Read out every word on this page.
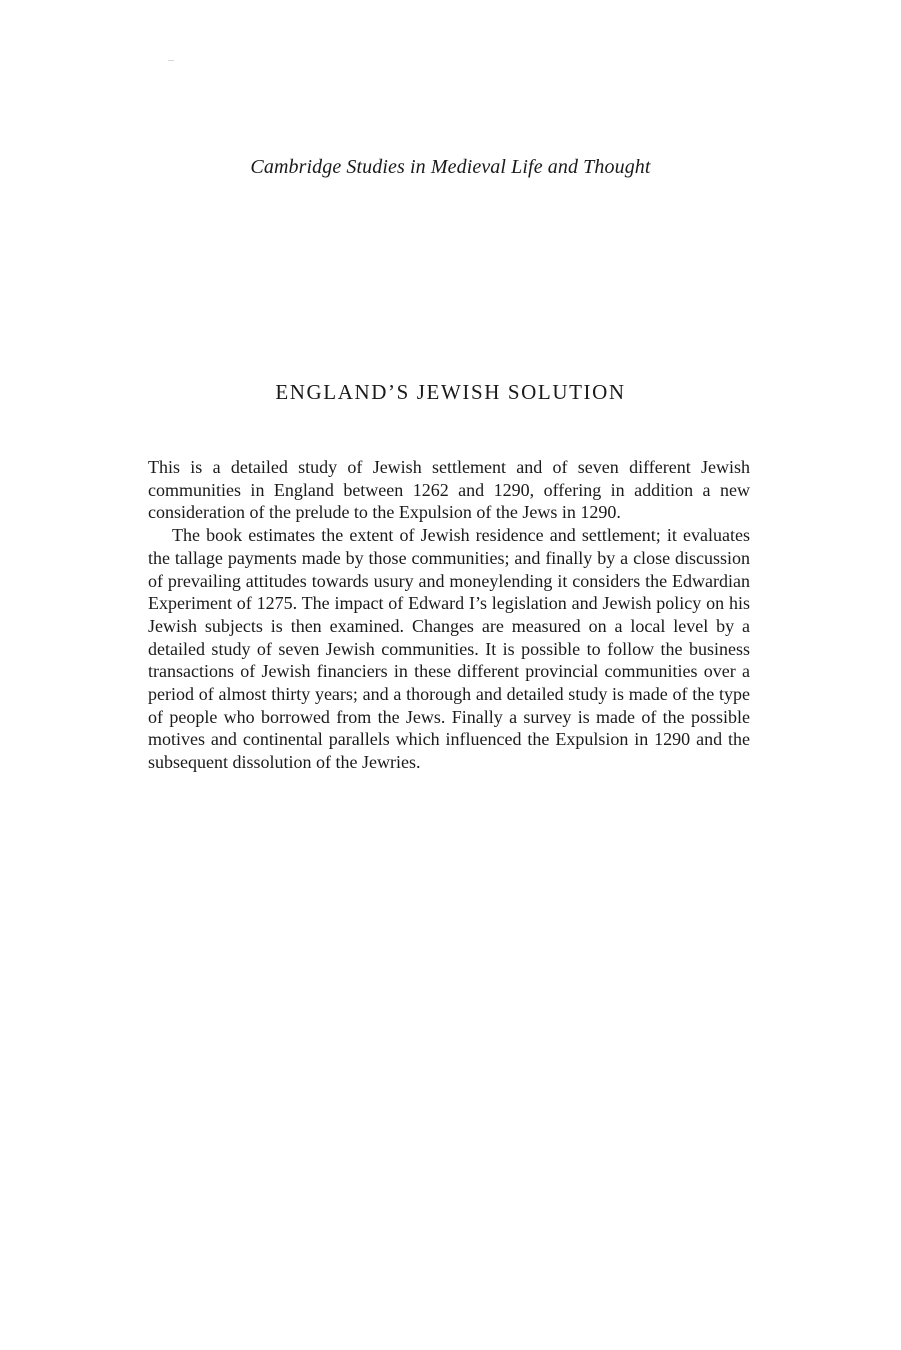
Cambridge Studies in Medieval Life and Thought
ENGLAND’S JEWISH SOLUTION

This is a detailed study of Jewish settlement and of seven different Jewish communities in England between 1262 and 1290, offering in addition a new consideration of the prelude to the Expulsion of the Jews in 1290.

The book estimates the extent of Jewish residence and settlement; it evaluates the tallage payments made by those communities; and finally by a close discussion of prevailing attitudes towards usury and moneylending it considers the Edwardian Experiment of 1275. The impact of Edward I’s legislation and Jewish policy on his Jewish subjects is then examined. Changes are measured on a local level by a detailed study of seven Jewish communities. It is possible to follow the business transactions of Jewish financiers in these different provincial communities over a period of almost thirty years; and a thorough and detailed study is made of the type of people who borrowed from the Jews. Finally a survey is made of the possible motives and continental parallels which influenced the Expulsion in 1290 and the subsequent dissolution of the Jewries.
